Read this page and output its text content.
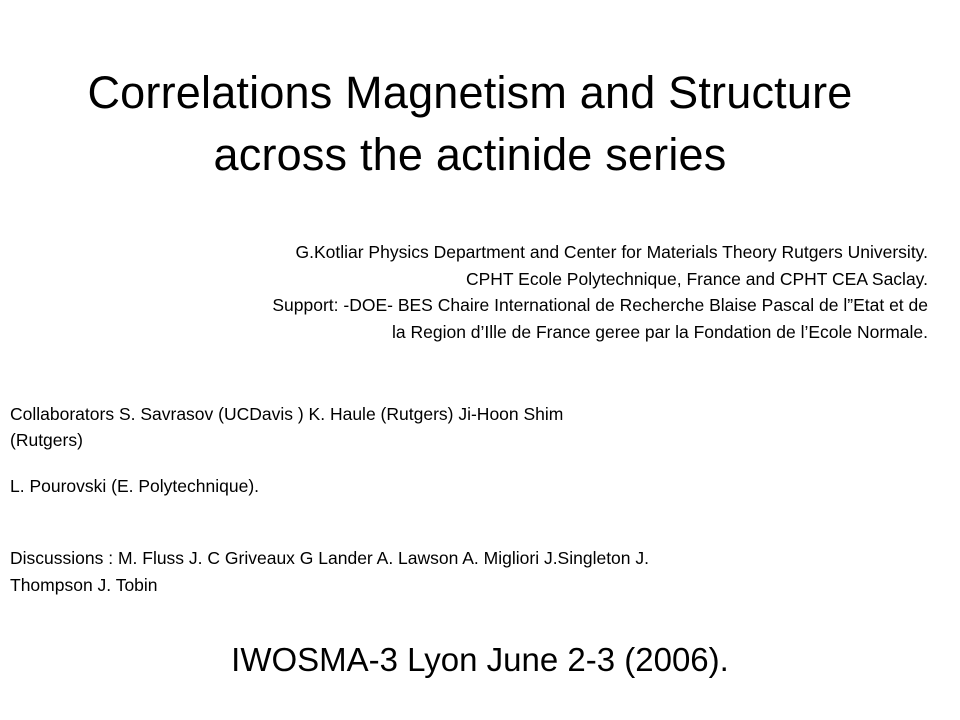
Correlations Magnetism and Structure
across the actinide series
G.Kotliar Physics Department and Center for Materials Theory Rutgers University.
CPHT Ecole Polytechnique, France and CPHT CEA Saclay.
Support: -DOE- BES Chaire International de Recherche Blaise Pascal de l”Etat et de
la Region d’Ille de France geree par la Fondation de l’Ecole Normale.
Collaborators S. Savrasov (UCDavis ) K. Haule (Rutgers) Ji-Hoon Shim
(Rutgers)
L. Pourovski (E. Polytechnique).
Discussions : M. Fluss J. C Griveaux G Lander A. Lawson A. Migliori J.Singleton J.
Thompson J. Tobin
IWOSMA-3 Lyon June 2-3 (2006).
